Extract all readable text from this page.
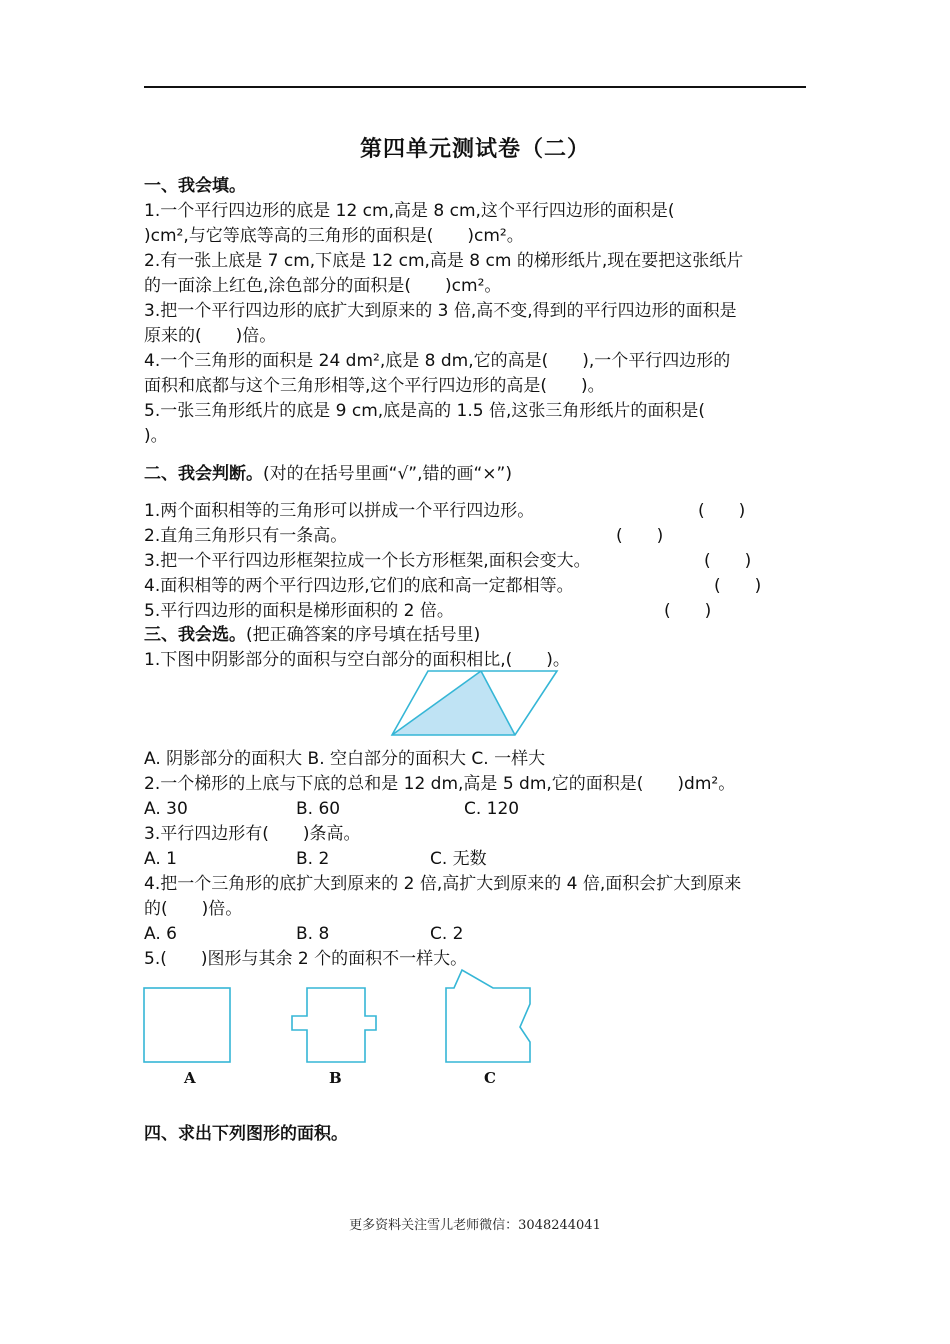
第四单元测试卷（二）
一、我会填。
1.一个平行四边形的底是 12 cm,高是 8 cm,这个平行四边形的面积是(
)cm²,与它等底等高的三角形的面积是(　　)cm²。
2.有一张上底是 7 cm,下底是 12 cm,高是 8 cm 的梯形纸片,现在要把这张纸片
的一面涂上红色,涂色部分的面积是(　　)cm²。
3.把一个平行四边形的底扩大到原来的 3 倍,高不变,得到的平行四边形的面积是
原来的(　　)倍。
4.一个三角形的面积是 24 dm²,底是 8 dm,它的高是(　　),一个平行四边形的
面积和底都与这个三角形相等,这个平行四边形的高是(　　)。
5.一张三角形纸片的底是 9 cm,底是高的 1.5 倍,这张三角形纸片的面积是(
)。
二、我会判断。(对的在括号里画“√”,错的画“×”)
1.两个面积相等的三角形可以拼成一个平行四边形。	(　　)
2.直角三角形只有一条高。	(　　)
3.把一个平行四边形框架拉成一个长方形框架,面积会变大。	(　　)
4.面积相等的两个平行四边形,它们的底和高一定都相等。	(　　)
5.平行四边形的面积是梯形面积的 2 倍。	(　　)
三、我会选。(把正确答案的序号填在括号里)
1.下图中阴影部分的面积与空白部分的面积相比,(　　)。
A. 阴影部分的面积大 B. 空白部分的面积大 C. 一样大
2.一个梯形的上底与下底的总和是 12 dm,高是 5 dm,它的面积是(　　)dm²。
A. 30	B. 60	C. 120
3.平行四边形有(　　)条高。
A. 1	B. 2	C. 无数
4.把一个三角形的底扩大到原来的 2 倍,高扩大到原来的 4 倍,面积会扩大到原来
的(　　)倍。
A. 6	B. 8	C. 2
5.(　　)图形与其余 2 个的面积不一样大。
A	B	C
四、求出下列图形的面积。
更多资料关注雪儿老师微信：3048244041
